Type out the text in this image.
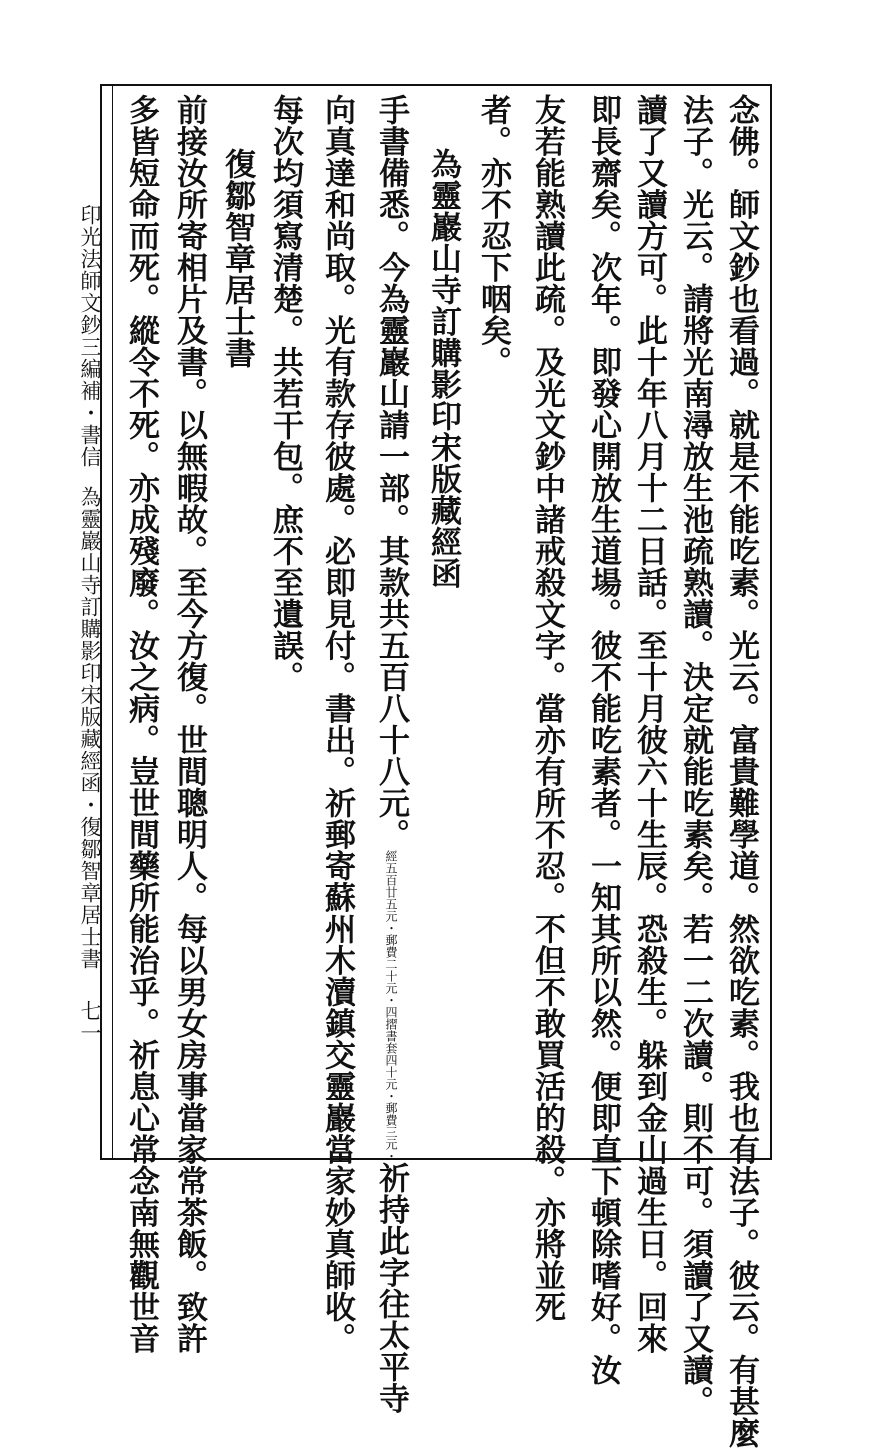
念佛。師文鈔也看過。就是不能吃素。光云。富貴難學道。然欲吃素。我也有法子。彼云。有甚麼
法子。光云。請將光南潯放生池疏熟讀。決定就能吃素矣。若一二次讀。則不可。須讀了又讀。
讀了又讀方可。此十年八月十二日話。至十月彼六十生辰。恐殺生。躲到金山過生日。回來
即長齋矣。次年。即發心開放生道場。彼不能吃素者。一知其所以然。便即直下頓除嗜好。汝
友若能熟讀此疏。及光文鈔中諸戒殺文字。當亦有所不忍。不但不敢買活的殺。亦將並死
者。亦不忍下咽矣。
為靈巖山寺訂購影印宋版藏經函
手書備悉。今為靈巖山請一部。其款共五百八十八元。經五百廿五元・郵費二十元・四摺書套四十元・郵費三元・祈持此字往太平寺
向真達和尚取。光有款存彼處。必即見付。書出。祈郵寄蘇州木瀆鎮交靈巖當家妙真師收。
每次均須寫清楚。共若干包。庶不至遺誤。
復鄒智章居士書
前接汝所寄相片及書。以無暇故。至今方復。世間聰明人。每以男女房事當家常茶飯。致許
多皆短命而死。縱令不死。亦成殘廢。汝之病。豈世間藥所能治乎。祈息心常念南無觀世音
印光法師文鈔三編補・書信
為靈巖山寺訂購影印宋版藏經函・復鄒智章居士書
七一
